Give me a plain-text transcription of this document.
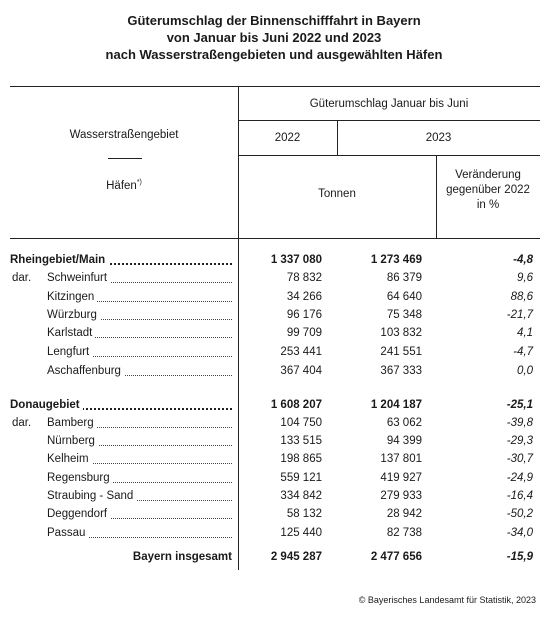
Güterumschlag der Binnenschifffahrt in Bayern
von Januar bis Juni 2022 und 2023
nach Wasserstraßengebieten und ausgewählten Häfen
Wasserstraßengebiet
Häfen*)
Güterumschlag Januar bis Juni
2022	2023
Tonnen
Veränderung
gegenüber 2022
in %
Rheingebiet/Main	1 337 080	1 273 469	-4,8
dar. Schweinfurt	78 832	86 379	9,6
Kitzingen	34 266	64 640	88,6
Würzburg	96 176	75 348	-21,7
Karlstadt	99 709	103 832	4,1
Lengfurt	253 441	241 551	-4,7
Aschaffenburg	367 404	367 333	0,0
Donaugebiet	1 608 207	1 204 187	-25,1
dar. Bamberg	104 750	63 062	-39,8
Nürnberg	133 515	94 399	-29,3
Kelheim	198 865	137 801	-30,7
Regensburg	559 121	419 927	-24,9
Straubing - Sand	334 842	279 933	-16,4
Deggendorf	58 132	28 942	-50,2
Passau	125 440	82 738	-34,0
Bayern insgesamt	2 945 287	2 477 656	-15,9
© Bayerisches Landesamt für Statistik, 2023
